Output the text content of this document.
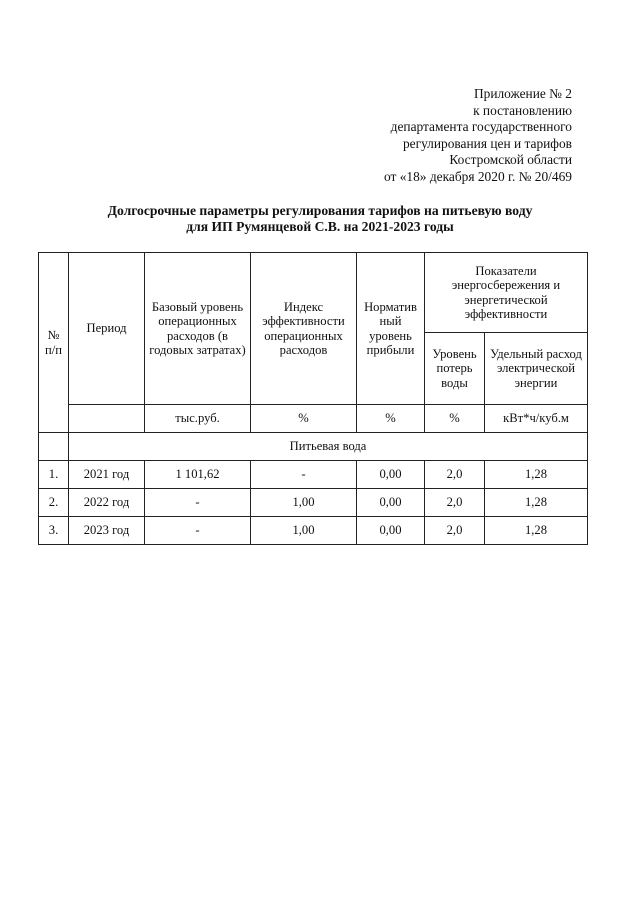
Приложение № 2
к постановлению
департамента государственного
регулирования цен и тарифов
Костромской области
от «18» декабря 2020 г. № 20/469
Долгосрочные параметры регулирования тарифов на питьевую воду
для ИП Румянцевой С.В. на 2021-2023 годы
№ п/п	Период	Базовый уровень операционных расходов (в годовых затратах)	Индекс эффективности операционных расходов	Норматив ный уровень прибыли	Показатели энергосбережения и энергетической эффективности	
					Уровень потерь воды	Удельный расход электрической энергии
		тыс.руб.	%	%	%	кВт*ч/куб.м
	Питьевая вода					
1.	2021 год	1 101,62	-	0,00	2,0	1,28
2.	2022 год	-	1,00	0,00	2,0	1,28
3.	2023 год	-	1,00	0,00	2,0	1,28
